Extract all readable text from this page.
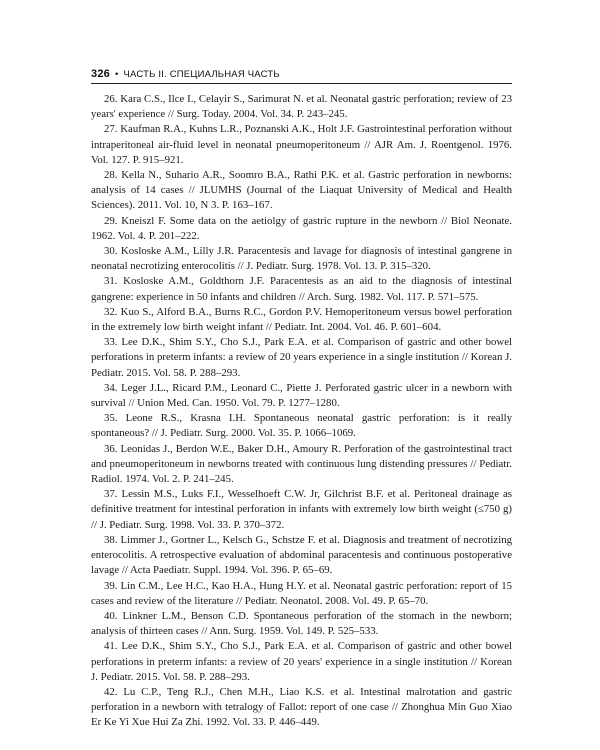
326 • ЧАСТЬ II. СПЕЦИАЛЬНАЯ ЧАСТЬ

26. Kara C.S., Ilce I., Celayir S., Sarimurat N. et al. Neonatal gastric perforation; review of 23 years' experience // Surg. Today. 2004. Vol. 34. P. 243–245.

27. Kaufman R.A., Kuhns L.R., Poznanski A.K., Holt J.F. Gastrointestinal perforation without intraperitoneal air-fluid level in neonatal pneumoperitoneum // AJR Am. J. Roentgenol. 1976. Vol. 127. P. 915–921.

28. Kella N., Suhario A.R., Soomro B.A., Rathi P.K. et al. Gastric perforation in newborns: analysis of 14 cases // JLUMHS (Journal of the Liaquat University of Medical and Health Sciences). 2011. Vol. 10, N 3. P. 163–167.

29. Kneiszl F. Some data on the aetiolgy of gastric rupture in the newborn // Biol Neonate. 1962. Vol. 4. P. 201–222.

30. Kosloske A.M., Lilly J.R. Paracentesis and lavage for diagnosis of intestinal gangrene in neonatal necrotizing enterocolitis // J. Pediatr. Surg. 1978. Vol. 13. P. 315–320.

31. Kosloske A.M., Goldthorn J.F. Paracentesis as an aid to the diagnosis of intestinal gangrene: experience in 50 infants and children // Arch. Surg. 1982. Vol. 117. P. 571–575.

32. Kuo S., Alford B.A., Burns R.C., Gordon P.V. Hemoperitoneum versus bowel perforation in the extremely low birth weight infant // Pediatr. Int. 2004. Vol. 46. P. 601–604.

33. Lee D.K., Shim S.Y., Cho S.J., Park E.A. et al. Comparison of gastric and other bowel perforations in preterm infants: a review of 20 years experience in a single institution // Korean J. Pediatr. 2015. Vol. 58. P. 288–293.

34. Leger J.L., Ricard P.M., Leonard C., Piette J. Perforated gastric ulcer in a newborn with survival // Union Med. Can. 1950. Vol. 79. P. 1277–1280.

35. Leone R.S., Krasna I.H. Spontaneous neonatal gastric perforation: is it really spontaneous? // J. Pediatr. Surg. 2000. Vol. 35. P. 1066–1069.

36. Leonidas J., Berdon W.E., Baker D.H., Amoury R. Perforation of the gastrointestinal tract and pneumoperitoneum in newborns treated with continuous lung distending pressures // Pediatr. Radiol. 1974. Vol. 2. P. 241–245.

37. Lessin M.S., Luks F.I., Wesselhoeft C.W. Jr, Gilchrist B.F. et al. Peritoneal drainage as definitive treatment for intestinal perforation in infants with extremely low birth weight (≤750 g) // J. Pediatr. Surg. 1998. Vol. 33. P. 370–372.

38. Limmer J., Gortner L., Kelsch G., Schstze F. et al. Diagnosis and treatment of necrotizing enterocolitis. A retrospective evaluation of abdominal paracentesis and continuous postoperative lavage // Acta Paediatr. Suppl. 1994. Vol. 396. P. 65–69.

39. Lin C.M., Lee H.C., Kao H.A., Hung H.Y. et al. Neonatal gastric perforation: report of 15 cases and review of the literature // Pediatr. Neonatol. 2008. Vol. 49. P. 65–70.

40. Linkner L.M., Benson C.D. Spontaneous perforation of the stomach in the newborn; analysis of thirteen cases // Ann. Surg. 1959. Vol. 149. P. 525–533.

41. Lee D.K., Shim S.Y., Cho S.J., Park E.A. et al. Comparison of gastric and other bowel perforations in preterm infants: a review of 20 years' experience in a single institution // Korean J. Pediatr. 2015. Vol. 58. P. 288–293.

42. Lu C.P., Teng R.J., Chen M.H., Liao K.S. et al. Intestinal malrotation and gastric perforation in a newborn with tetralogy of Fallot: report of one case // Zhonghua Min Guo Xiao Er Ke Yi Xue Hui Za Zhi. 1992. Vol. 33. P. 446–449.
